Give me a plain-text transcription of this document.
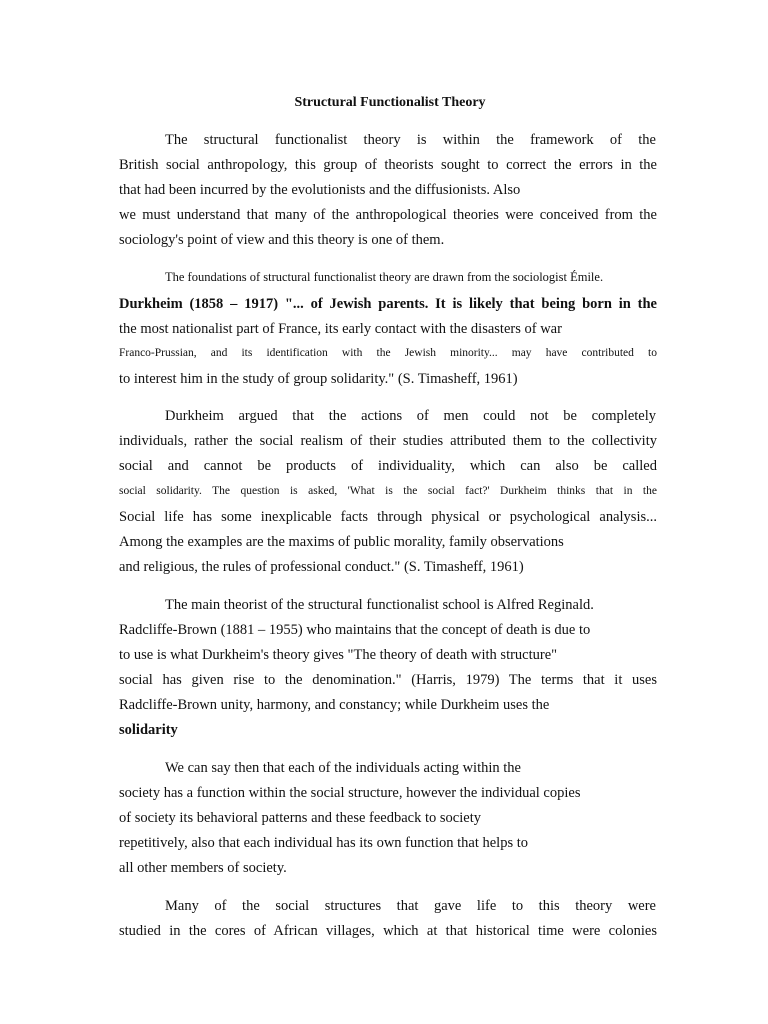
Structural Functionalist Theory
The structural functionalist theory is within the framework of the
British social anthropology, this group of theorists sought to correct the errors in the
that had been incurred by the evolutionists and the diffusionists. Also
we must understand that many of the anthropological theories were conceived from the
sociology's point of view and this theory is one of them.
The foundations of structural functionalist theory are drawn from the sociologist Émile.
Durkheim (1858 – 1917) "... of Jewish parents. It is likely that being born in the
the most nationalist part of France, its early contact with the disasters of war
Franco-Prussian, and its identification with the Jewish minority... may have contributed to
to interest him in the study of group solidarity." (S. Timasheff, 1961)
Durkheim argued that the actions of men could not be completely
individuals, rather the social realism of their studies attributed them to the collectivity
social and cannot be products of individuality, which can also be called
social solidarity. The question is asked, 'What is the social fact?' Durkheim thinks that in the
Social life has some inexplicable facts through physical or psychological analysis...
Among the examples are the maxims of public morality, family observations
and religious, the rules of professional conduct." (S. Timasheff, 1961)
The main theorist of the structural functionalist school is Alfred Reginald.
Radcliffe-Brown (1881 – 1955) who maintains that the concept of death is due to
to use is what Durkheim's theory gives "The theory of death with structure"
social has given rise to the denomination." (Harris, 1979) The terms that it uses
Radcliffe-Brown unity, harmony, and constancy; while Durkheim uses the
solidarity
We can say then that each of the individuals acting within the
society has a function within the social structure, however the individual copies
of society its behavioral patterns and these feedback to society
repetitively, also that each individual has its own function that helps to
all other members of society.
Many of the social structures that gave life to this theory were
studied in the cores of African villages, which at that historical time were colonies
